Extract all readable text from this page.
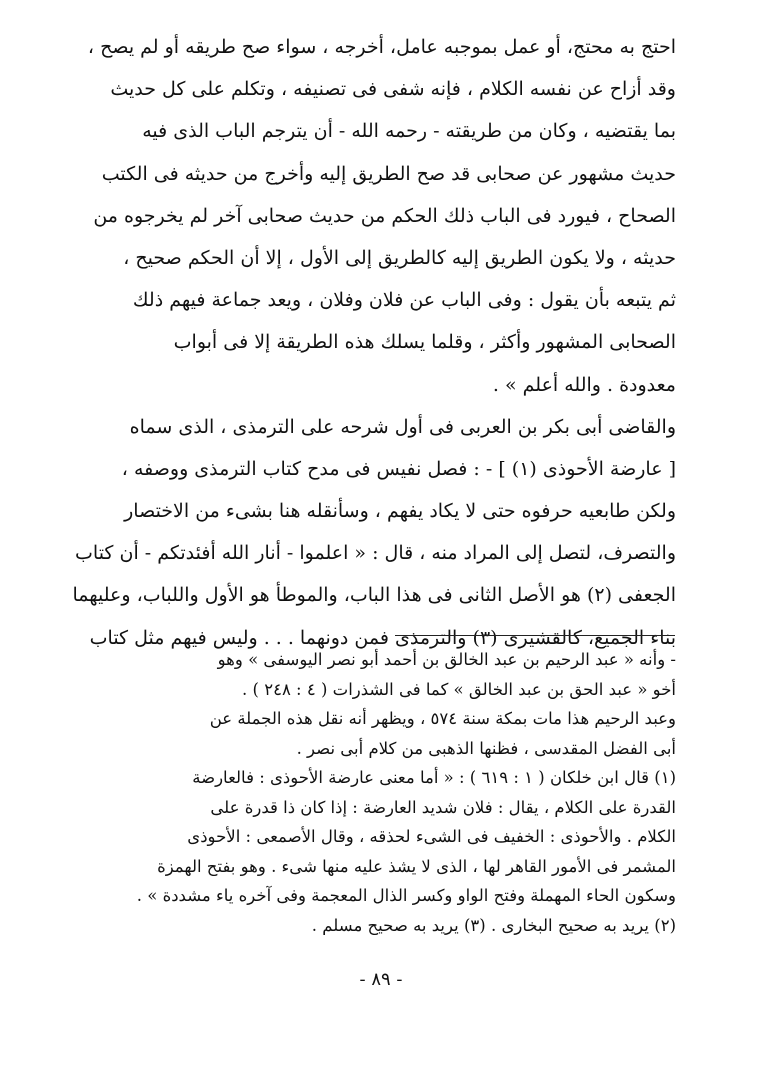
احتج به محتج، أو عمل بموجبه عامل، أخرجه ، سواء صح طريقه أو لم يصح ،
وقد أزاح عن نفسه الكلام ، فإنه شفى فى تصنيفه ، وتكلم على كل حديث
بما يقتضيه ، وكان من طريقته - رحمه الله - أن يترجم الباب الذى فيه
حديث مشهور عن صحابى قد صح الطريق إليه وأخرج من حديثه فى الكتب
الصحاح ، فيورد فى الباب ذلك الحكم من حديث صحابى آخر لم يخرجوه من
حديثه ، ولا يكون الطريق إليه كالطريق إلى الأول ، إلا أن الحكم صحيح ،
ثم يتبعه بأن يقول : وفى الباب عن فلان وفلان ، ويعد جماعة فيهم ذلك
الصحابى المشهور وأكثر ، وقلما يسلك هذه الطريقة إلا فى أبواب
معدودة . والله أعلم » .
والقاضى أبى بكر بن العربى فى أول شرحه على الترمذى ، الذى سماه
[ عارضة الأحوذى (١) ] - : فصل نفيس فى مدح كتاب الترمذى ووصفه ،
ولكن طابعيه حرفوه حتى لا يكاد يفهم ، وسأنقله هنا بشىء من الاختصار
والتصرف، لتصل إلى المراد منه ، قال : « اعلموا - أنار الله أفئدتكم - أن كتاب
الجعفى (٢) هو الأصل الثانى فى هذا الباب، والموطأ هو الأول واللباب، وعليهما
بناء الجميع، كالقشيرى (٣) والترمذى فمن دونهما . . . وليس فيهم مثل كتاب
- وأنه « عبد الرحيم بن عبد الخالق بن أحمد أبو نصر اليوسفى » وهو
أخو « عبد الحق بن عبد الخالق » كما فى الشذرات ( ٤ : ٢٤٨ ) .
وعبد الرحيم هذا مات بمكة سنة ٥٧٤ ، ويظهر أنه نقل هذه الجملة عن
أبى الفضل المقدسى ، فظنها الذهبى من كلام أبى نصر .
(١) قال ابن خلكان ( ١ : ٦١٩ ) : « أما معنى عارضة الأحوذى : فالعارضة
القدرة على الكلام ، يقال : فلان شديد العارضة : إذا كان ذا قدرة على
الكلام . والأحوذى : الخفيف فى الشىء لحذقه ، وقال الأصمعى : الأحوذى
المشمر فى الأمور القاهر لها ، الذى لا يشذ عليه منها شىء . وهو بفتح الهمزة
وسكون الحاء المهملة وفتح الواو وكسر الذال المعجمة وفى آخره ياء مشددة » .
(٢) يريد به صحيح البخارى . (٣) يريد به صحيح مسلم .
- ٨٩ -
